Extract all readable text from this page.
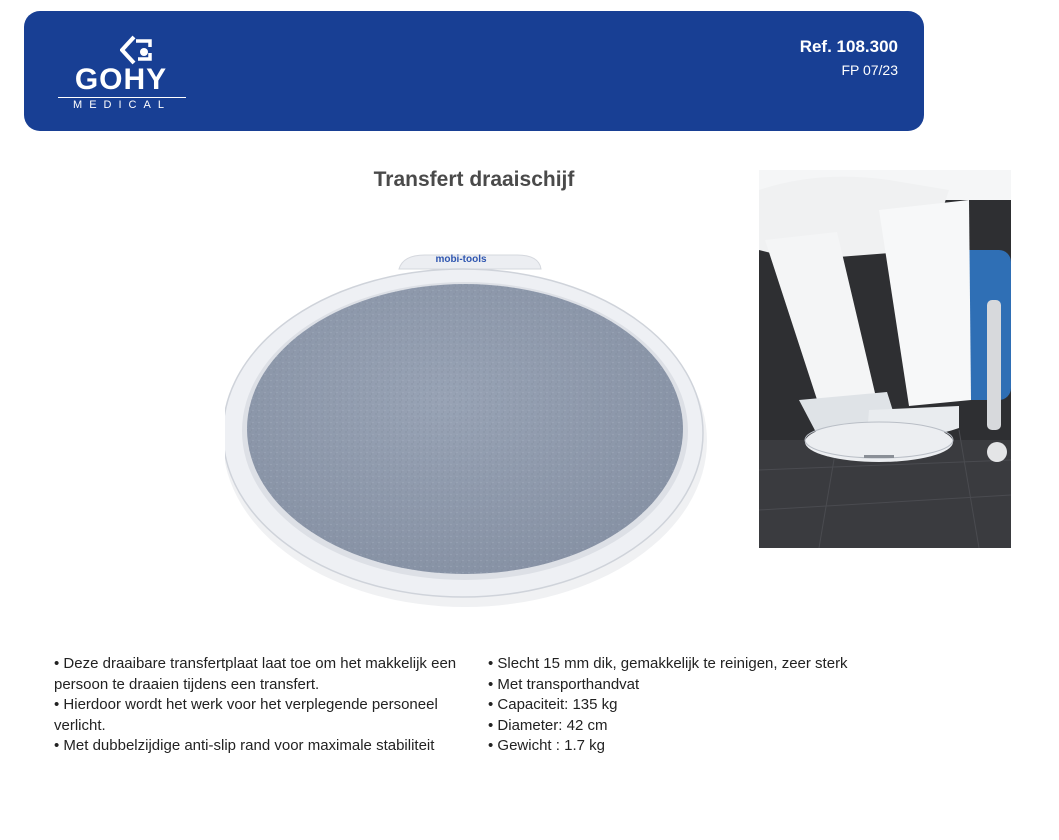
GOHY
MEDICAL
Ref. 108.300
FP 07/23
Transfert draaischijf
mobi-tools

• Deze draaibare transfertplaat laat toe om het makkelijk een persoon te draaien tijdens een transfert.

• Hierdoor wordt het werk voor het verplegende personeel verlicht.

• Met dubbelzijdige anti-slip rand voor maximale stabiliteit

• Slecht 15 mm dik, gemakkelijk te reinigen, zeer sterk

• Met transporthandvat

• Capaciteit: 135 kg

• Diameter: 42 cm

• Gewicht : 1.7 kg
